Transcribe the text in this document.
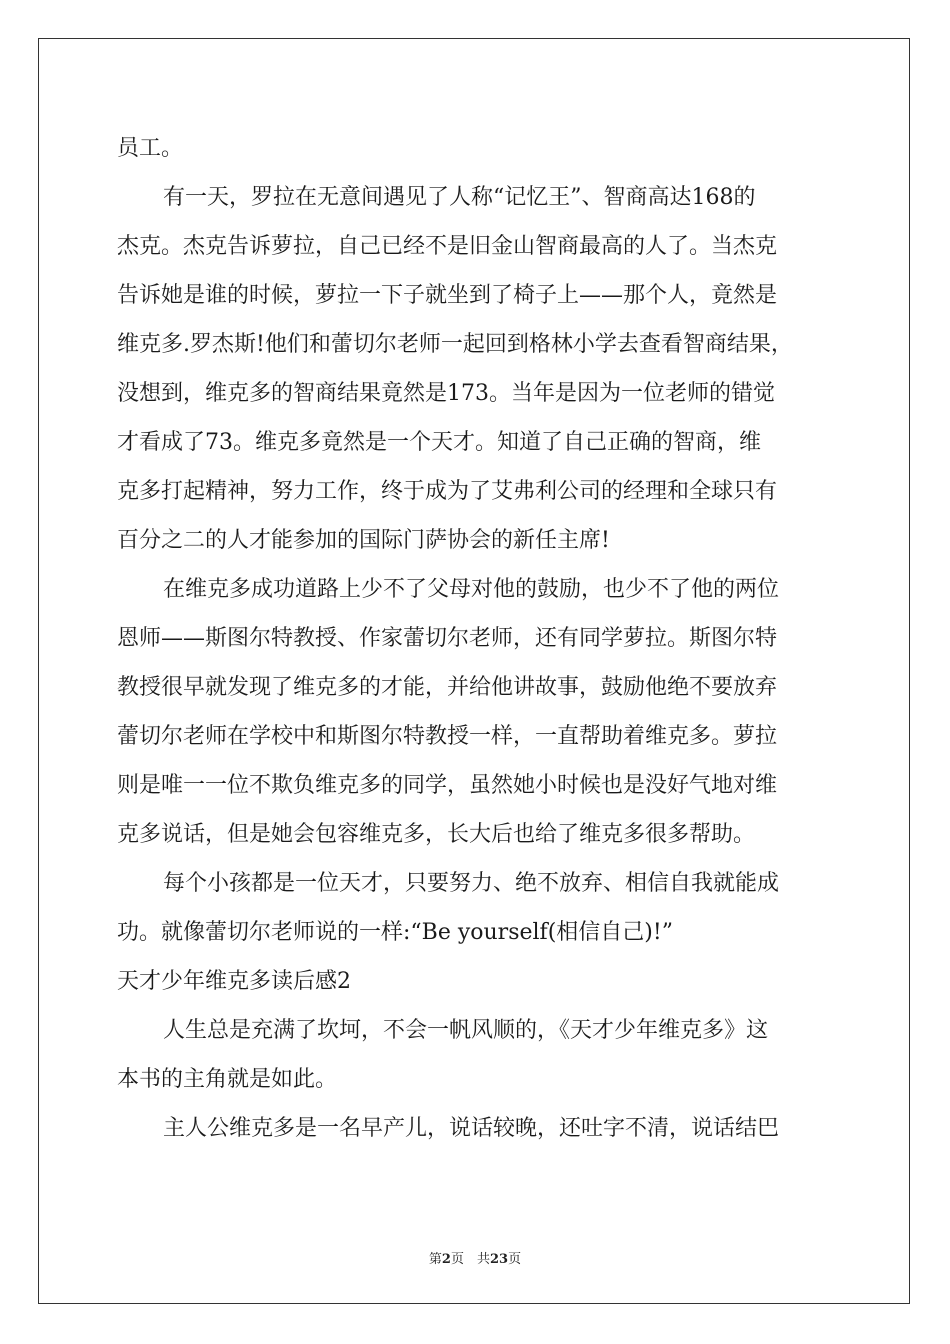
员工。
有一天，罗拉在无意间遇见了人称“记忆王”、智商高达168的
杰克。杰克告诉萝拉，自己已经不是旧金山智商最高的人了。当杰克
告诉她是谁的时候，萝拉一下子就坐到了椅子上——那个人，竟然是
维克多.罗杰斯!他们和蕾切尔老师一起回到格林小学去查看智商结果，
没想到，维克多的智商结果竟然是173。当年是因为一位老师的错觉
才看成了73。维克多竟然是一个天才。知道了自己正确的智商，维
克多打起精神，努力工作，终于成为了艾弗利公司的经理和全球只有
百分之二的人才能参加的国际门萨协会的新任主席!
在维克多成功道路上少不了父母对他的鼓励，也少不了他的两位
恩师——斯图尔特教授、作家蕾切尔老师，还有同学萝拉。斯图尔特
教授很早就发现了维克多的才能，并给他讲故事，鼓励他绝不要放弃
蕾切尔老师在学校中和斯图尔特教授一样，一直帮助着维克多。萝拉
则是唯一一位不欺负维克多的同学，虽然她小时候也是没好气地对维
克多说话，但是她会包容维克多，长大后也给了维克多很多帮助。
每个小孩都是一位天才，只要努力、绝不放弃、相信自我就能成
功。就像蕾切尔老师说的一样:“Be yourself(相信自己)!”
天才少年维克多读后感2
人生总是充满了坎坷，不会一帆风顺的，《天才少年维克多》这
本书的主角就是如此。
主人公维克多是一名早产儿，说话较晚，还吐字不清，说话结巴
第2页　共23页
